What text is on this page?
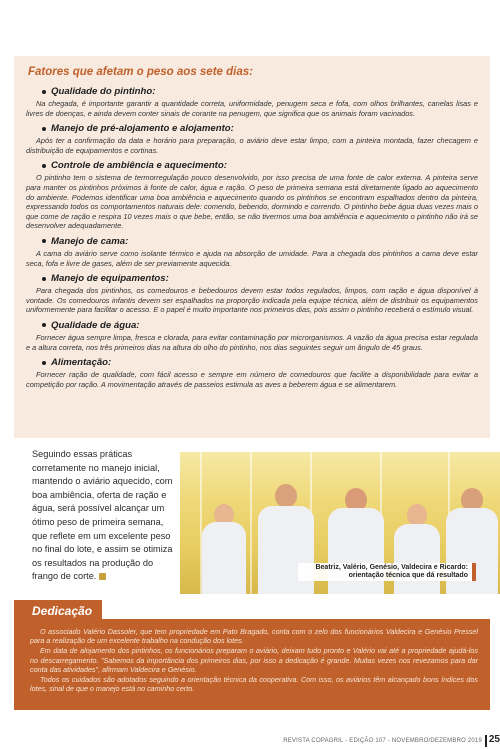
Fatores que afetam o peso aos sete dias:
Qualidade do pintinho:

Na chegada, é importante garantir a quantidade correta, uniformidade, penugem seca e fofa, com olhos brilhantes, canelas lisas e livres de doenças, e ainda devem conter sinais de corante na penugem, que significa que os animais foram vacinados.

Manejo de pré-alojamento e alojamento:

Após ter a confirmação da data e horário para preparação, o aviário deve estar limpo, com a pinteira montada, fazer checagem e distribuição de equipamentos e cortinas.

Controle de ambiência e aquecimento:

O pintinho tem o sistema de termorregulação pouco desenvolvido, por isso precisa de uma fonte de calor externa. A pinteira serve para manter os pintinhos próximos à fonte de calor, água e ração. O peso de primeira semana está diretamente ligado ao aquecimento do ambiente. Podemos identificar uma boa ambiência e aquecimento quando os pintinhos se encontram espalhados dentro da pinteira, expressando todos os comportamentos naturais dele: comendo, bebendo, dormindo e correndo. O pintinho bebe água duas vezes mais o que come de ração e respira 10 vezes mais o que bebe, então, se não tivermos uma boa ambiência e aquecimento o pintinho não irá se desenvolver adequadamente.

Manejo de cama:

A cama do aviário serve como isolante térmico e ajuda na absorção de umidade. Para a chegada dos pintinhos a cama deve estar seca, fofa e livre de gases, além de ser previamente aquecida.

Manejo de equipamentos:

Para chegada dos pintinhos, os comedouros e bebedouros devem estar todos regulados, limpos, com ração e água disponível à vontade. Os comedouros infantis devem ser espalhados na proporção indicada pela equipe técnica, além de distribuir os equipamentos uniformemente para facilitar o acesso. E o papel é muito importante nos primeiros dias, pois assim o pintinho receberá o estímulo visual.

Qualidade de água:

Fornecer água sempre limpa, fresca e clorada, para evitar contaminação por microrganismos. A vazão da água precisa estar regulada e a altura correta, nos três primeiros dias na altura do olho do pintinho, nos dias seguintes seguir um ângulo de 45 graus.

Alimentação:

Fornecer ração de qualidade, com fácil acesso e sempre em número de comedouros que facilite a disponibilidade para evitar a competição por ração. A movimentação através de passeios estimula as aves a beberem água e se alimentarem.

Seguindo essas práticas corretamente no manejo inicial, mantendo o aviário aquecido, com boa ambiência, oferta de ração e água, será possível alcançar um ótimo peso de primeira semana, que reflete em um excelente peso no final do lote, e assim se otimiza os resultados na produção do frango de corte.

Beatriz, Valério, Genésio, Valdecira e Ricardo:
orientação técnica que dá resultado

O associado Valério Dassoler, que tem propriedade em Pato Bragado, conta com o zelo dos funcionários Valdecira e Genésio Pressel para a realização de um excelente trabalho na condução dos lotes.

Em data de alojamento dos pintinhos, os funcionários preparam o aviário, deixam tudo pronto e Valério vai até a propriedade ajudá-los no descarregamento. "Sabemos da importância dos primeiros dias, por isso a dedicação é grande. Muitas vezes nos revezamos para dar conta das atividades", afirmam Valdecira e Genésio.

Todos os cuidados são adotados seguindo a orientação técnica da cooperativa. Com isso, os aviários têm alcançado bons índices dos lotes, sinal de que o manejo está no caminho certo.

Dedicação
REVISTA COPAGRIL - EDIÇÃO 107 - NOVEMBRO/DEZEMBRO 2019 25
